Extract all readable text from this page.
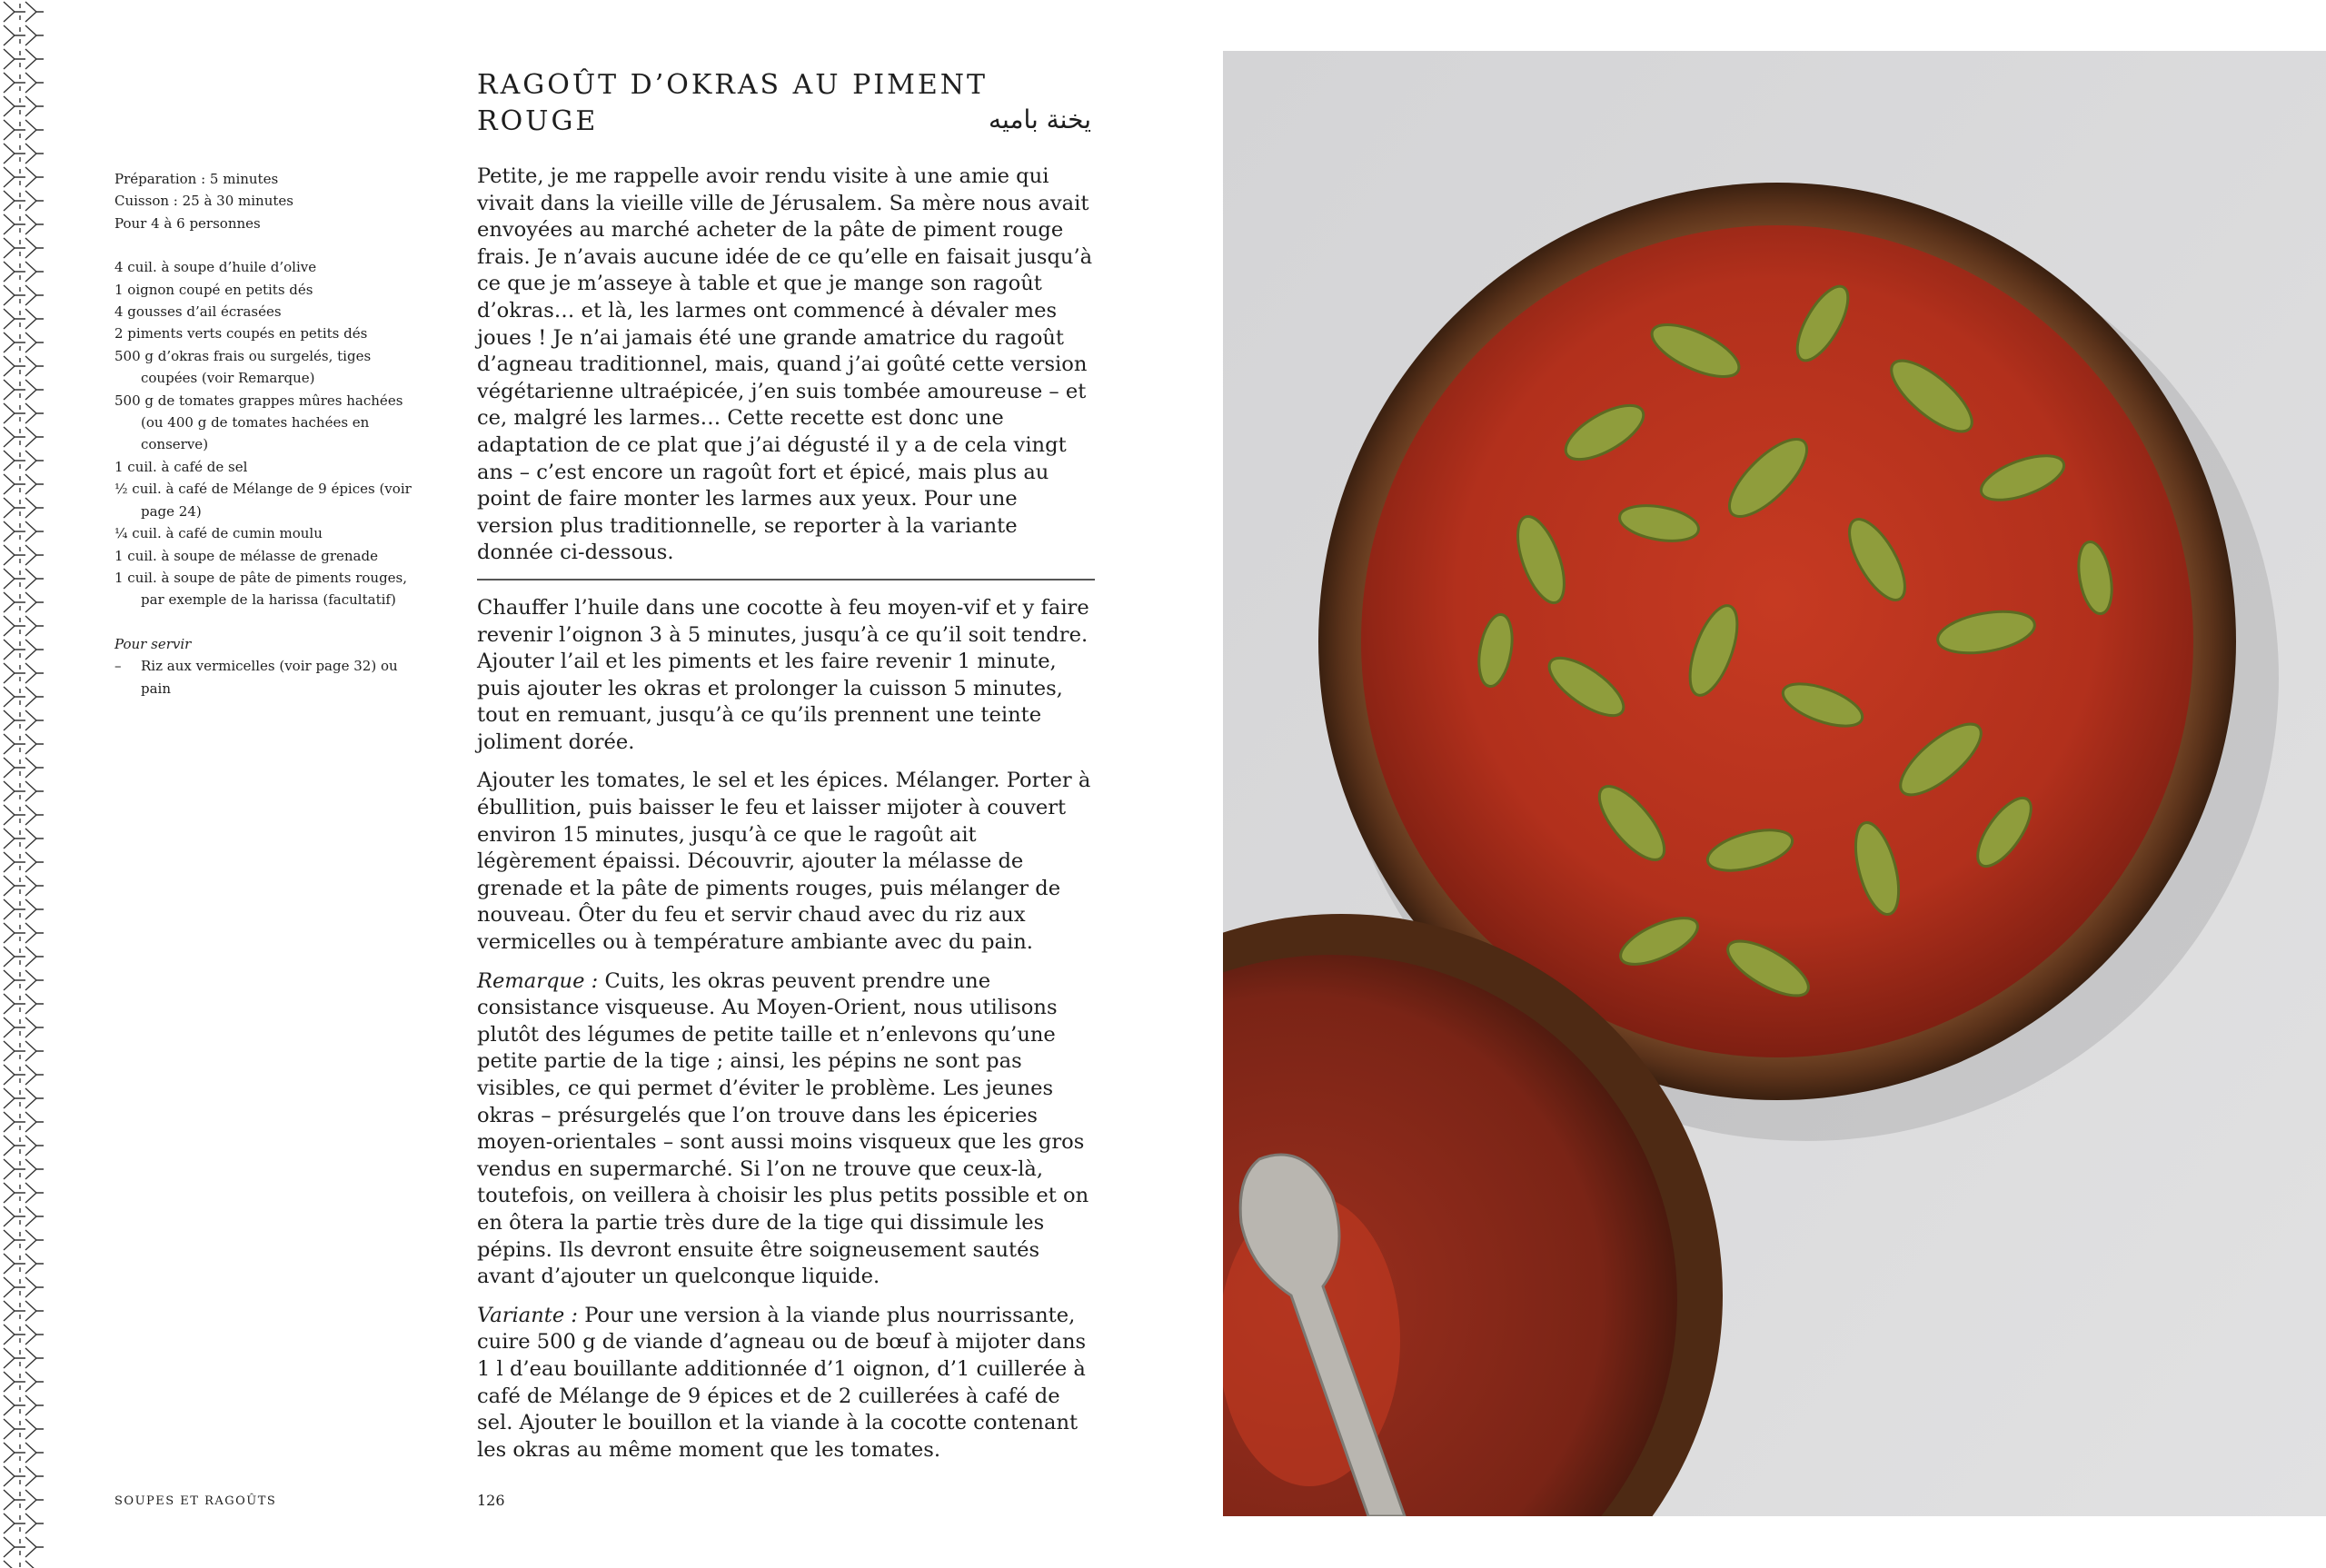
Préparation : 5 minutes
Cuisson : 25 à 30 minutes
Pour 4 à 6 personnes
4 cuil. à soupe d’huile d’olive
1 oignon coupé en petits dés
4 gousses d’ail écrasées
2 piments verts coupés en petits dés
500 g d’okras frais ou surgelés, tiges coupées (voir Remarque)
500 g de tomates grappes mûres hachées (ou 400 g de tomates hachées en conserve)
1 cuil. à café de sel
½ cuil. à café de Mélange de 9 épices (voir page 24)
¼ cuil. à café de cumin moulu
1 cuil. à soupe de mélasse de grenade
1 cuil. à soupe de pâte de piments rouges, par exemple de la harissa (facultatif)
Pour servir
–	Riz aux vermicelles (voir page 32) ou pain
RAGOÛT D’OKRAS AU PIMENT ROUGE	يخنة باميه

Petite, je me rappelle avoir rendu visite à une amie qui vivait dans la vieille ville de Jérusalem. Sa mère nous avait envoyées au marché acheter de la pâte de piment rouge frais. Je n’avais aucune idée de ce qu’elle en faisait jusqu’à ce que je m’asseye à table et que je mange son ragoût d’okras… et là, les larmes ont commencé à dévaler mes joues ! Je n’ai jamais été une grande amatrice du ragoût d’agneau traditionnel, mais, quand j’ai goûté cette version végétarienne ultraépicée, j’en suis tombée amoureuse – et ce, malgré les larmes… Cette recette est donc une adaptation de ce plat que j’ai dégusté il y a de cela vingt ans – c’est encore un ragoût fort et épicé, mais plus au point de faire monter les larmes aux yeux. Pour une version plus traditionnelle, se reporter à la variante donnée ci-dessous.

Chauffer l’huile dans une cocotte à feu moyen-vif et y faire revenir l’oignon 3 à 5 minutes, jusqu’à ce qu’il soit tendre. Ajouter l’ail et les piments et les faire revenir 1 minute, puis ajouter les okras et prolonger la cuisson 5 minutes, tout en remuant, jusqu’à ce qu’ils prennent une teinte joliment dorée.

Ajouter les tomates, le sel et les épices. Mélanger. Porter à ébullition, puis baisser le feu et laisser mijoter à couvert environ 15 minutes, jusqu’à ce que le ragoût ait légèrement épaissi. Découvrir, ajouter la mélasse de grenade et la pâte de piments rouges, puis mélanger de nouveau. Ôter du feu et servir chaud avec du riz aux vermicelles ou à température ambiante avec du pain.

Remarque : Cuits, les okras peuvent prendre une consistance visqueuse. Au Moyen-Orient, nous utilisons plutôt des légumes de petite taille et n’enlevons qu’une petite partie de la tige ; ainsi, les pépins ne sont pas visibles, ce qui permet d’éviter le problème. Les jeunes okras – présurgelés que l’on trouve dans les épiceries moyen-orientales – sont aussi moins visqueux que les gros vendus en supermarché. Si l’on ne trouve que ceux-là, toutefois, on veillera à choisir les plus petits possible et on en ôtera la partie très dure de la tige qui dissimule les pépins. Ils devront ensuite être soigneusement sautés avant d’ajouter un quelconque liquide.

Variante : Pour une version à la viande plus nourrissante, cuire 500 g de viande d’agneau ou de bœuf à mijoter dans 1 l d’eau bouillante additionnée d’1 oignon, d’1 cuillerée à café de Mélange de 9 épices et de 2 cuillerées à café de sel. Ajouter le bouillon et la viande à la cocotte contenant les okras au même moment que les tomates.

SOUPES ET RAGOÛTS	126
